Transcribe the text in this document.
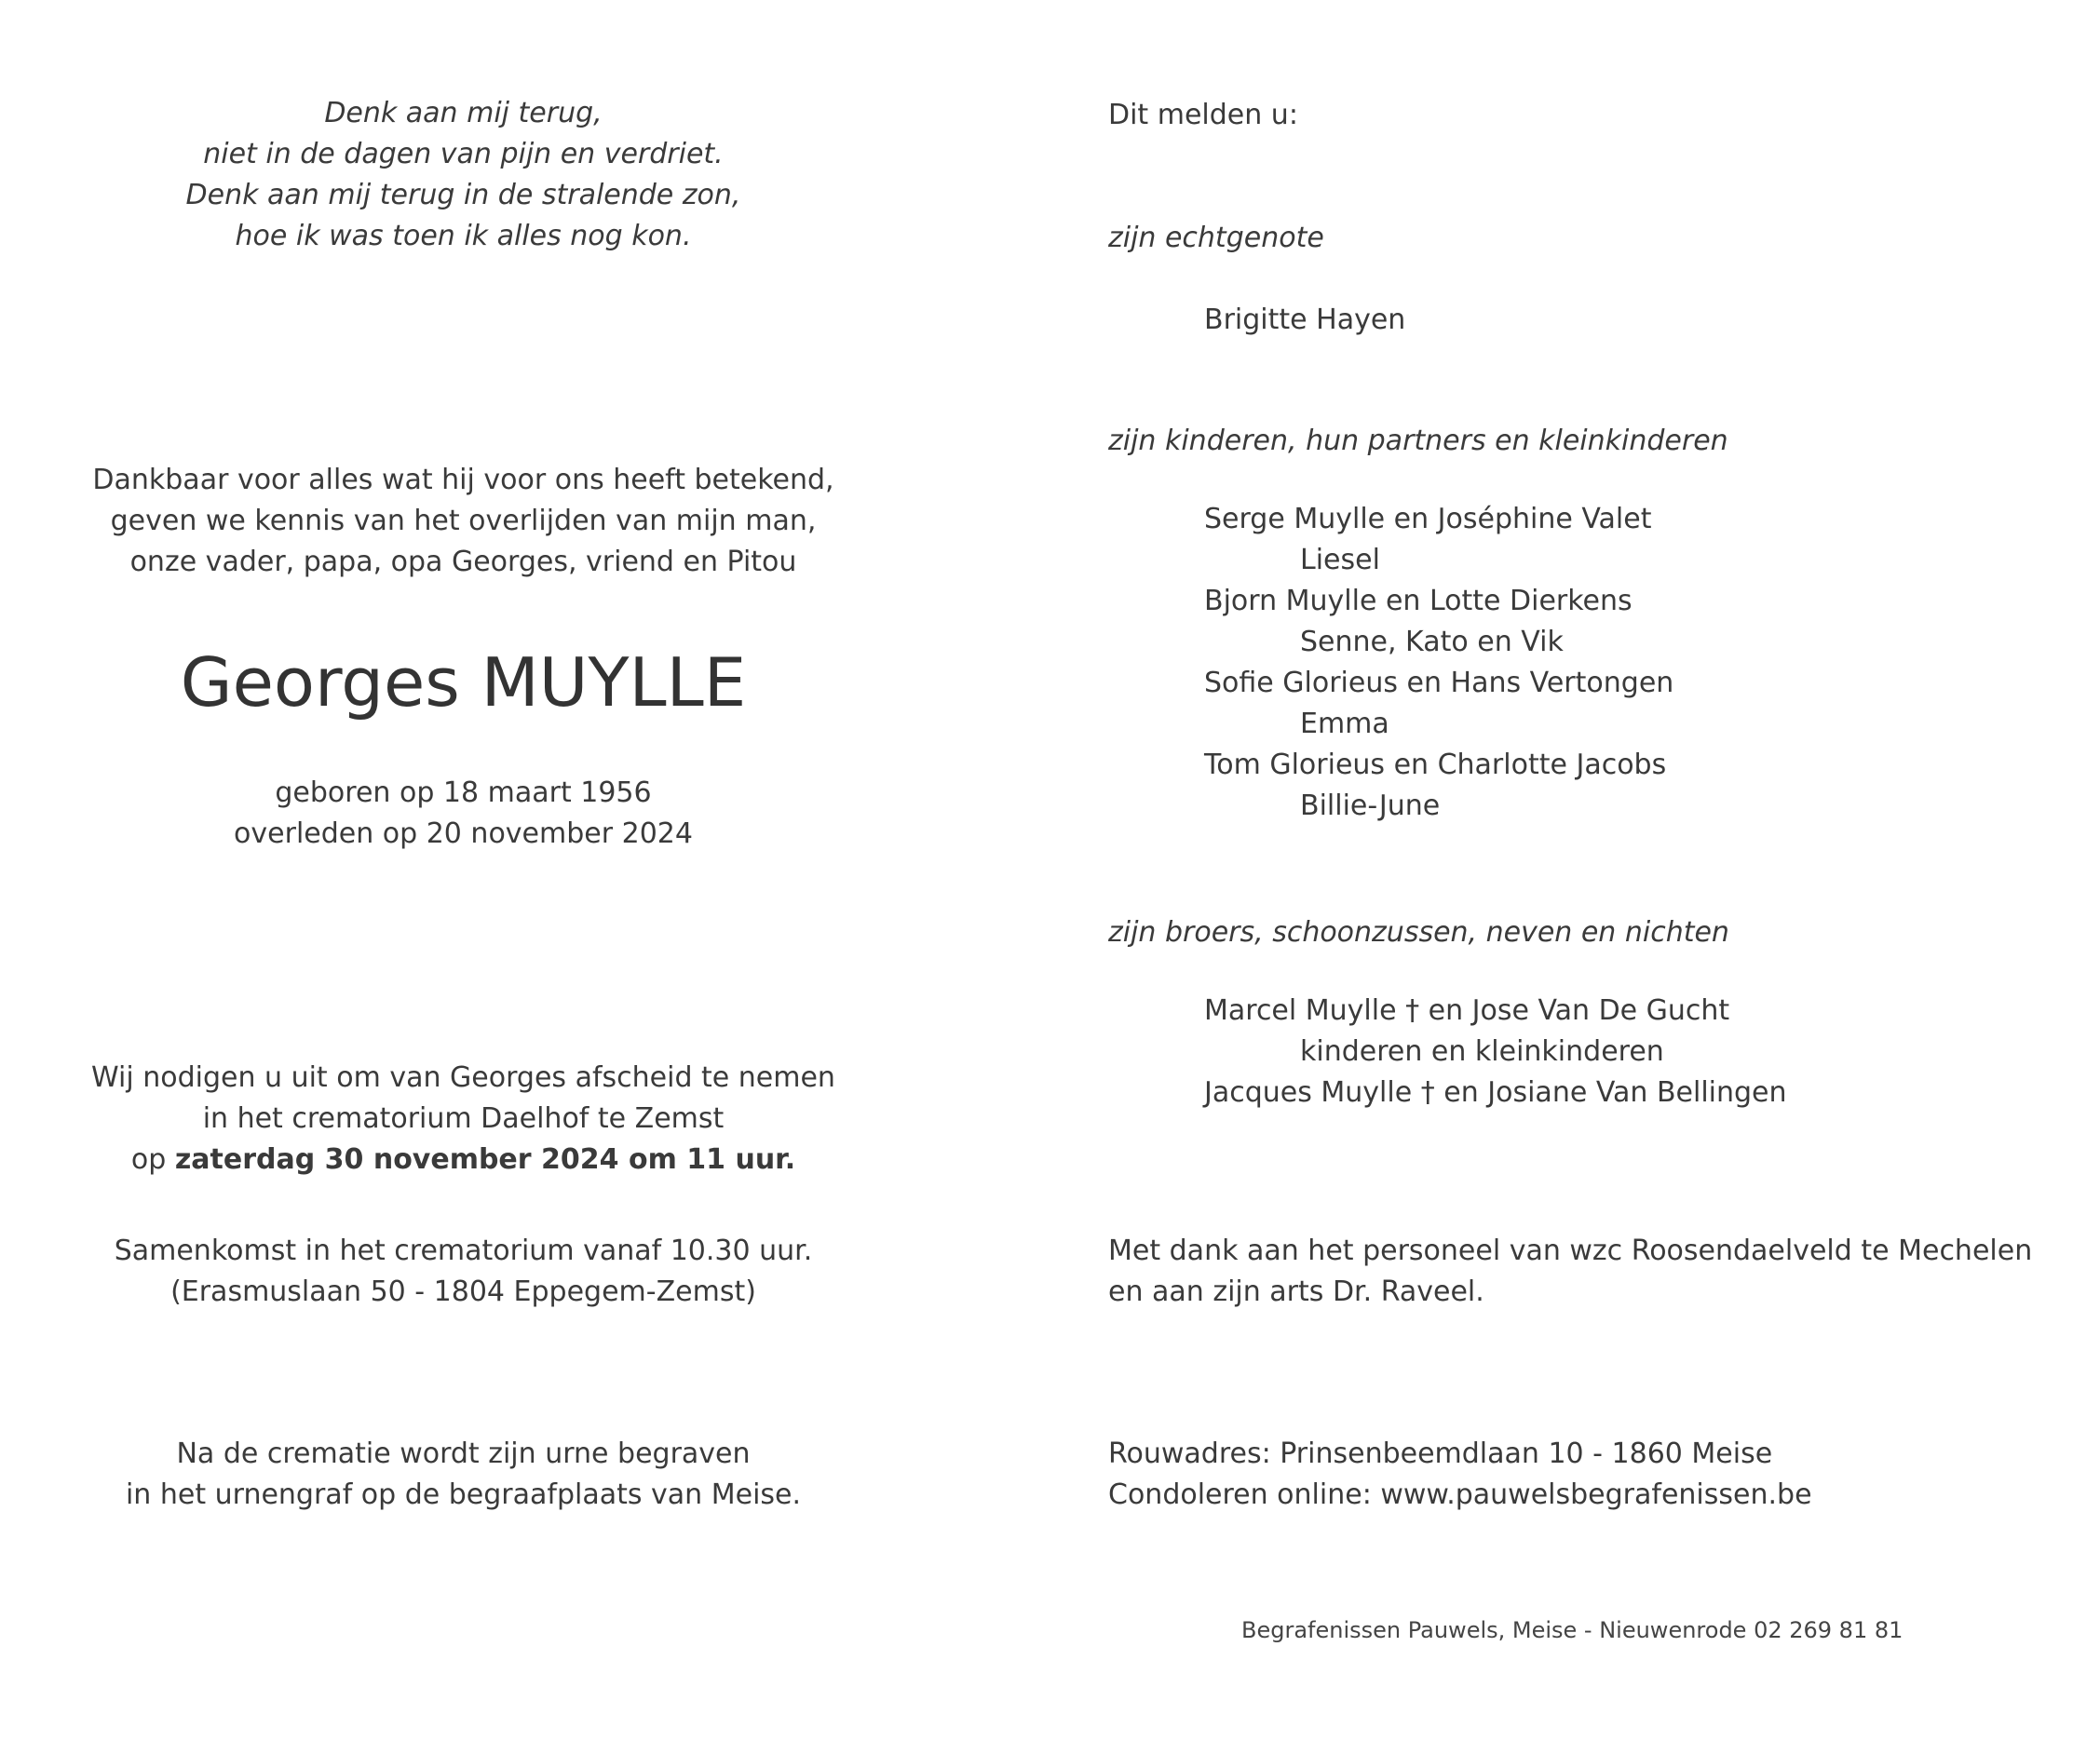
Denk aan mij terug,
niet in de dagen van pijn en verdriet.
Denk aan mij terug in de stralende zon,
hoe ik was toen ik alles nog kon.
Dankbaar voor alles wat hij voor ons heeft betekend,
geven we kennis van het overlijden van mijn man,
onze vader, papa, opa Georges, vriend en Pitou
Georges MUYLLE
geboren op 18 maart 1956
overleden op 20 november 2024
Wij nodigen u uit om van Georges afscheid te nemen
in het crematorium Daelhof te Zemst
op zaterdag 30 november 2024 om 11 uur.
Samenkomst in het crematorium vanaf 10.30 uur.
(Erasmuslaan 50 - 1804 Eppegem-Zemst)
Na de crematie wordt zijn urne begraven
in het urnengraf op de begraafplaats van Meise.
Dit melden u:
zijn echtgenote
Brigitte Hayen
zijn kinderen, hun partners en kleinkinderen
Serge Muylle en Joséphine Valet
Liesel
Bjorn Muylle en Lotte Dierkens
Senne, Kato en Vik
Sofie Glorieus en Hans Vertongen
Emma
Tom Glorieus en Charlotte Jacobs
Billie-June
zijn broers, schoonzussen, neven en nichten
Marcel Muylle † en Jose Van De Gucht
kinderen en kleinkinderen
Jacques Muylle † en Josiane Van Bellingen
Met dank aan het personeel van wzc Roosendaelveld te Mechelen
en aan zijn arts Dr. Raveel.
Rouwadres: Prinsenbeemdlaan 10 - 1860 Meise
Condoleren online: www.pauwelsbegrafenissen.be
Begrafenissen Pauwels, Meise - Nieuwenrode 02 269 81 81
